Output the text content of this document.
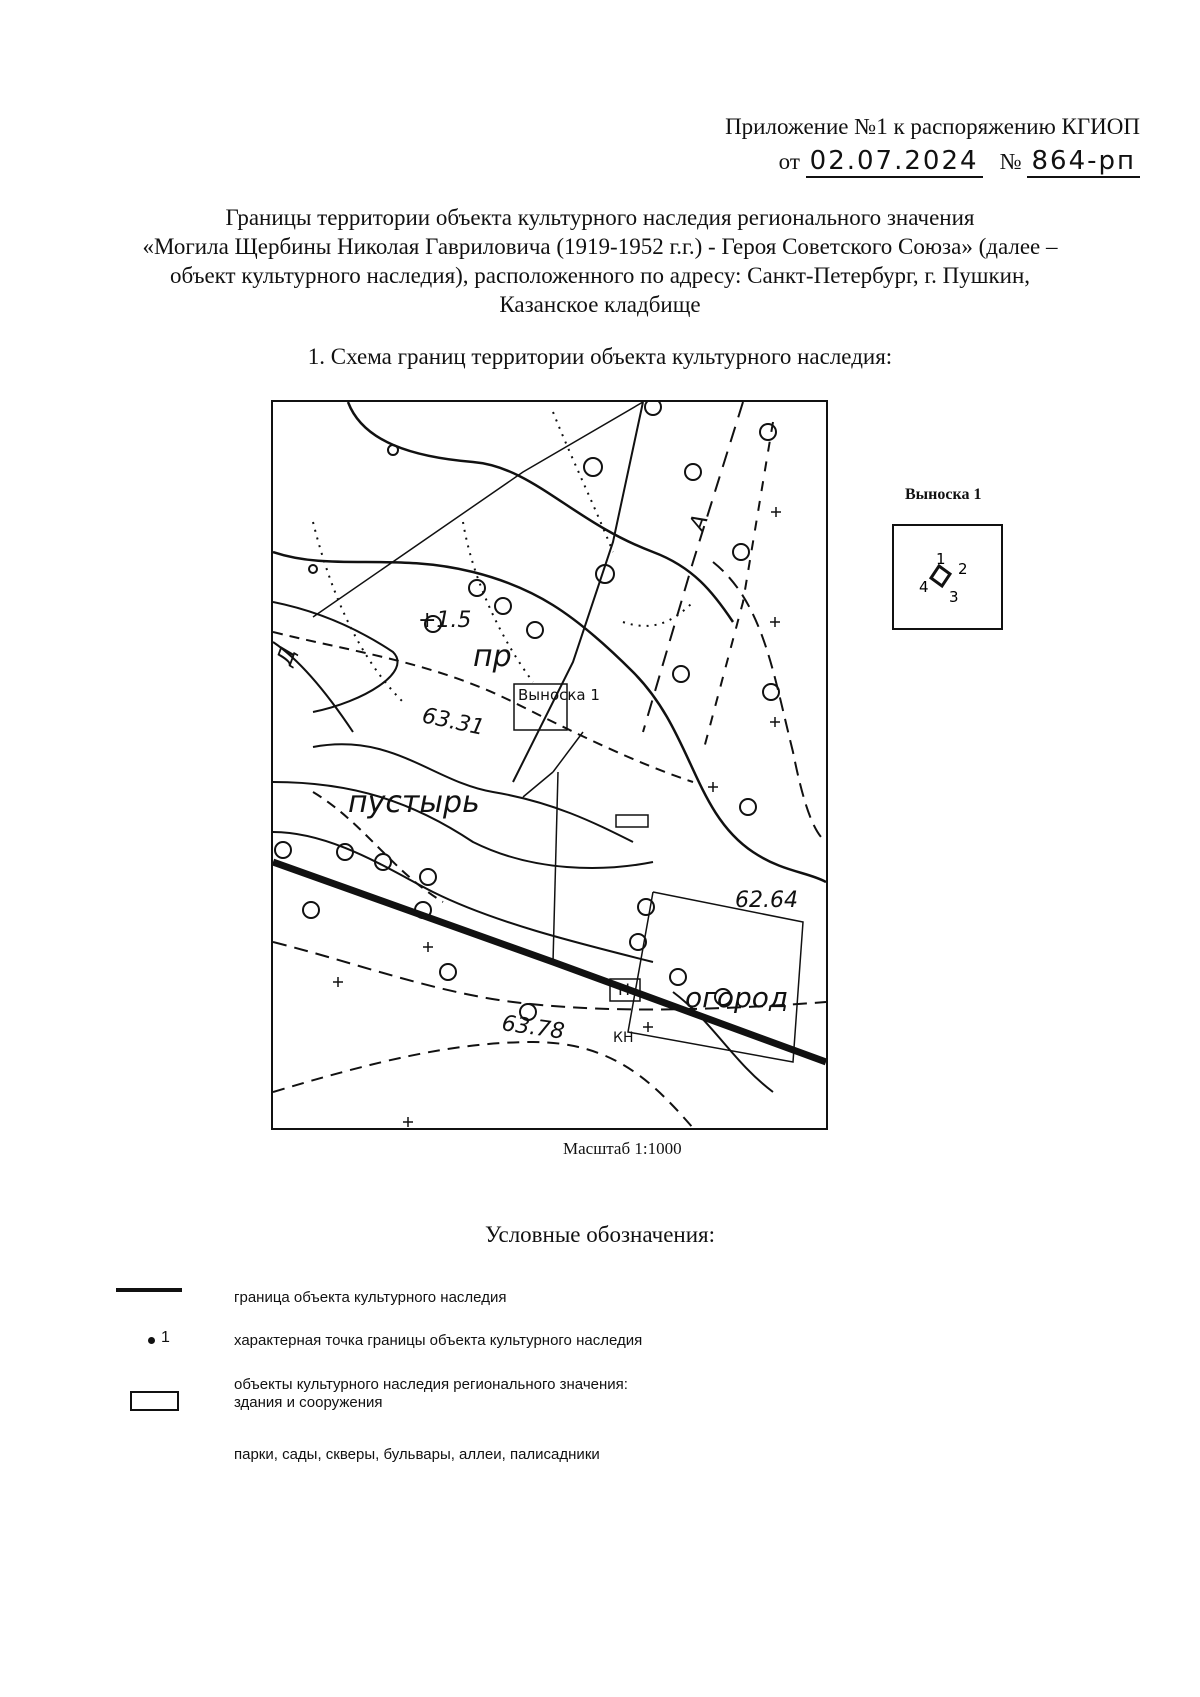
Приложение №1 к распоряжению КГИОП
от 02.07.2024 № 864-рп
Границы территории объекта культурного наследия регионального значения
«Могила Щербины Николая Гавриловича (1919-1952 г.г.) - Героя Советского Союза» (далее –
объект культурного наследия), расположенного по адресу: Санкт-Петербург, г. Пушкин,
Казанское кладбище
1. Схема границ территории объекта культурного наследия:
+1.5
пр
Выноска 1
63.31
пустырь
62.64
огород
63.78	КН
Н
А
Д
Масштаб 1:1000
Выноска 1
1
2
3
4
Условные обозначения:
граница объекта культурного наследия
1	характерная точка границы объекта культурного наследия
объекты культурного наследия регионального значения:
здания и сооружения
парки, сады, скверы, бульвары, аллеи, палисадники
